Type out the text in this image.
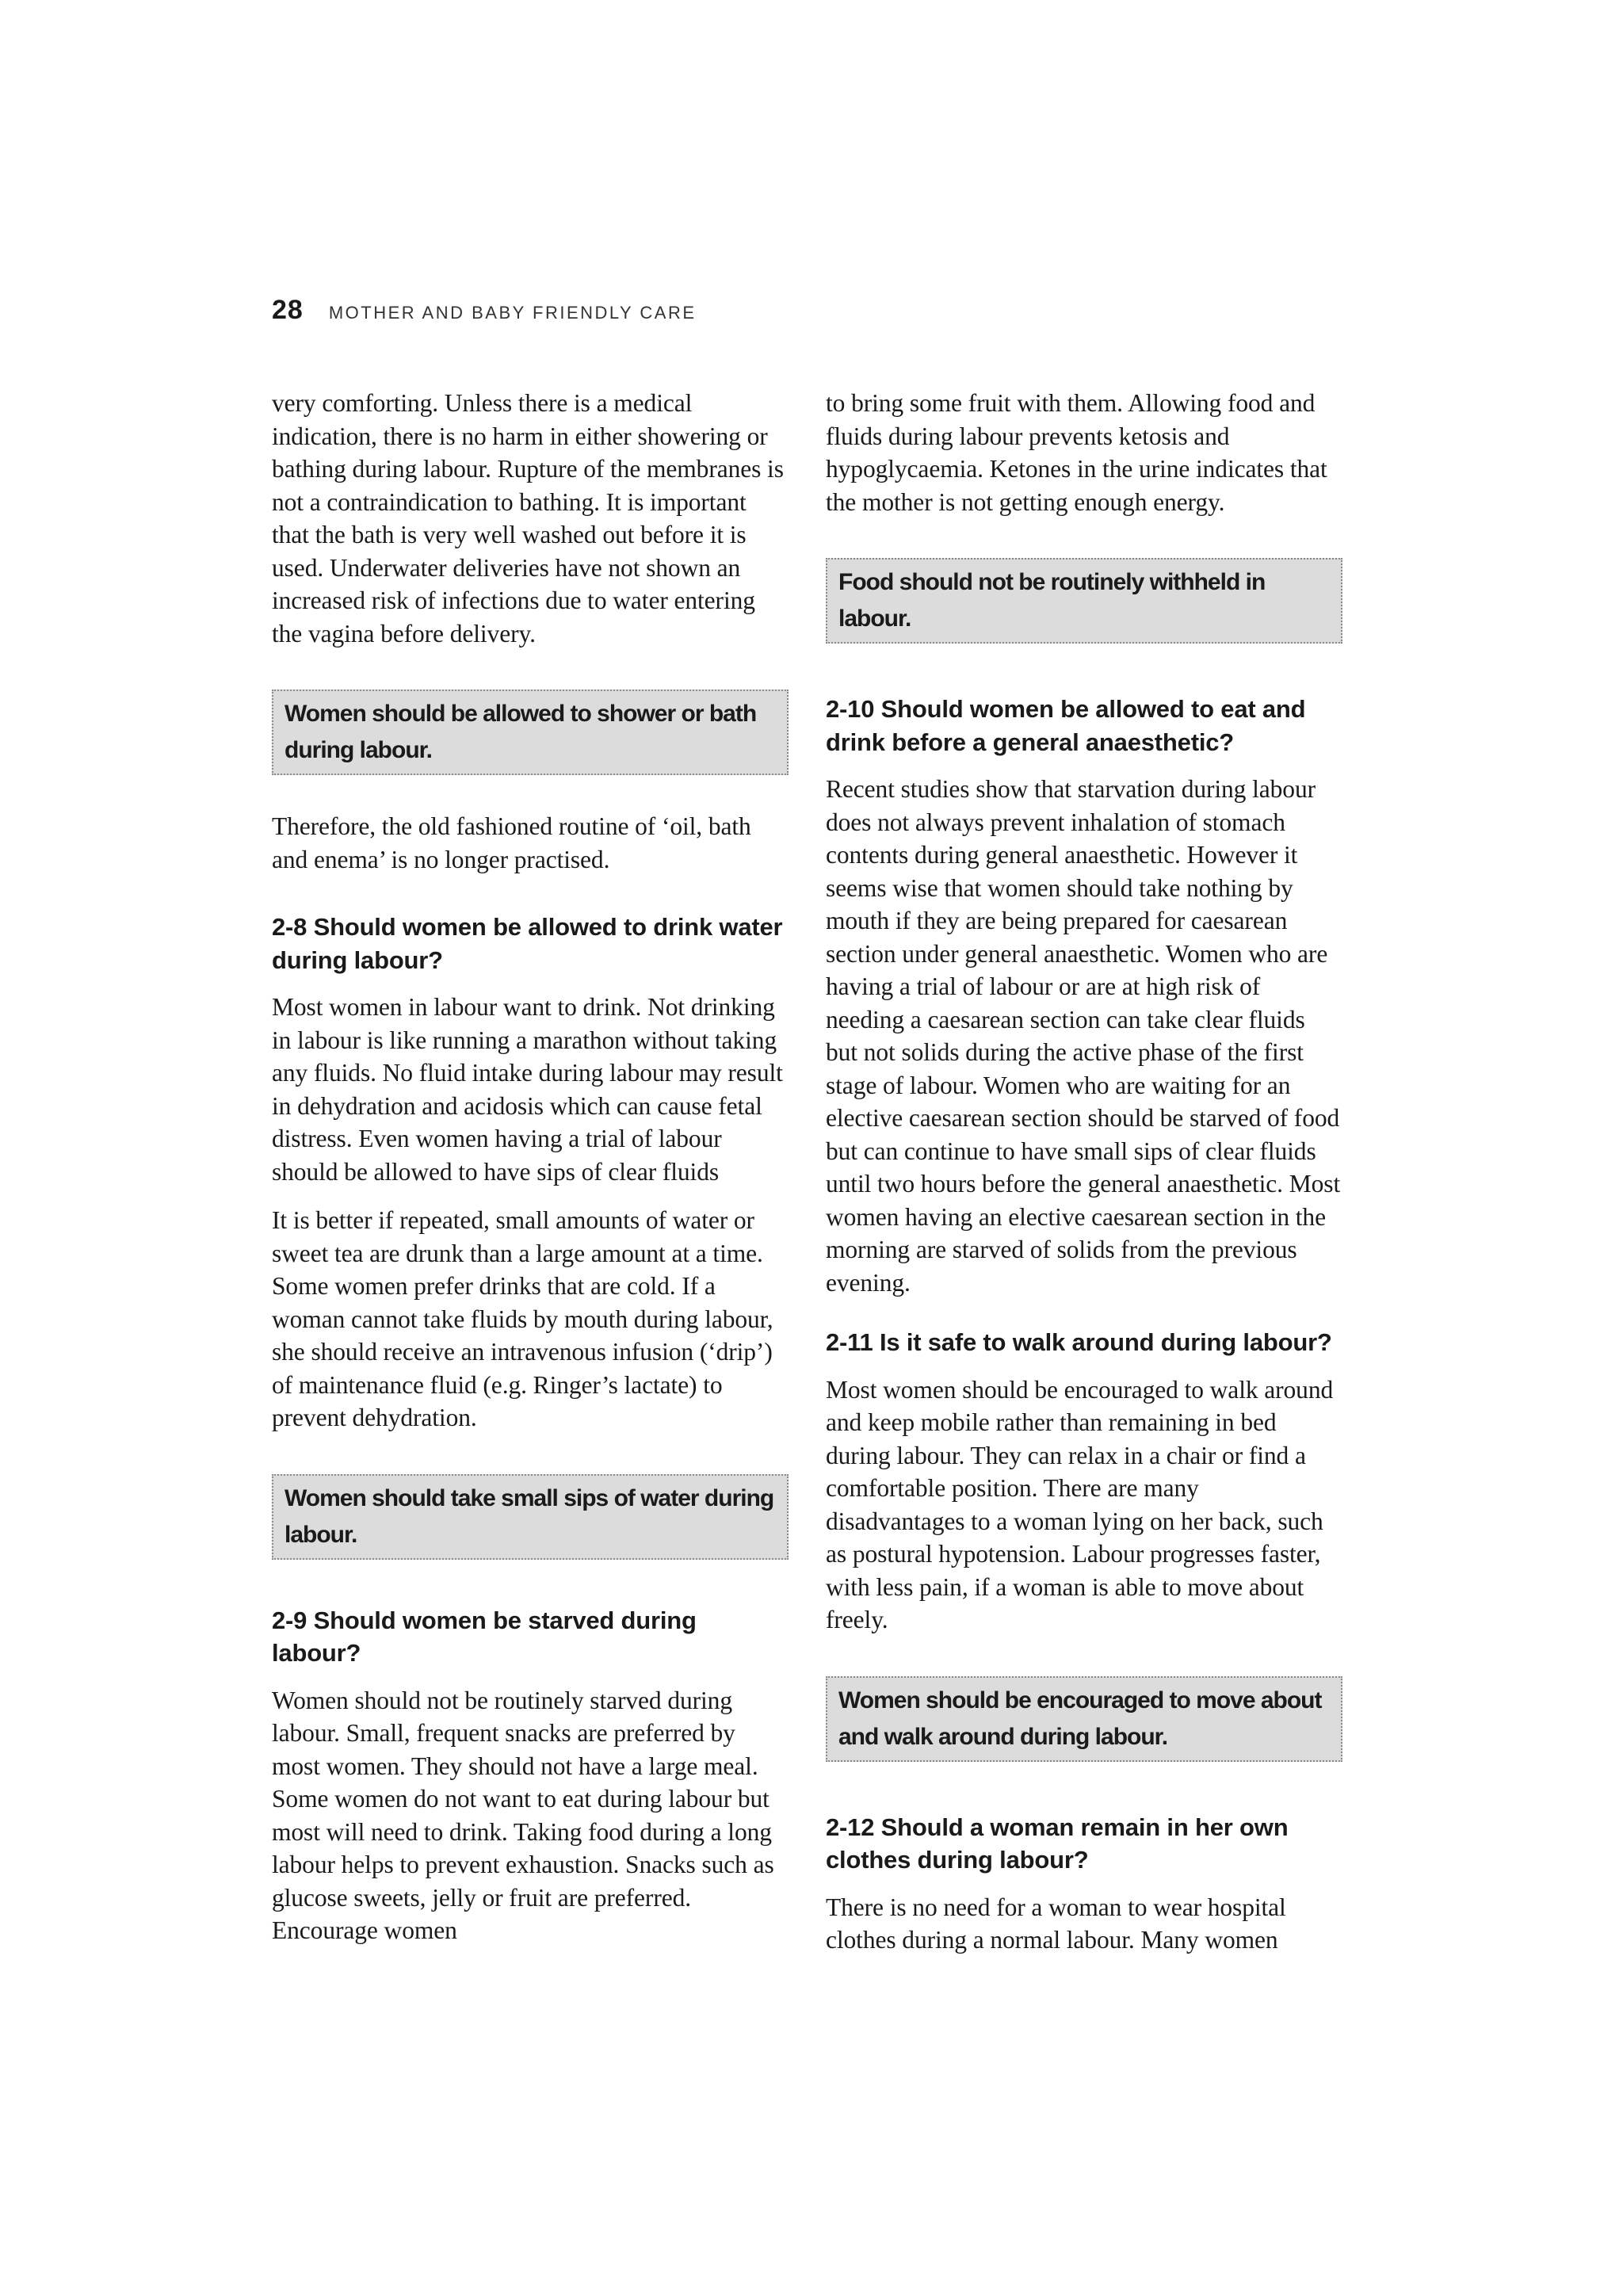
28 MOTHER AND BABY FRIENDLY CARE

very comforting. Unless there is a medical indication, there is no harm in either showering or bathing during labour. Rupture of the membranes is not a contraindication to bathing. It is important that the bath is very well washed out before it is used. Underwater deliveries have not shown an increased risk of infections due to water entering the vagina before delivery.

Women should be allowed to shower or bath during labour.

Therefore, the old fashioned routine of ‘oil, bath and enema’ is no longer practised.

2-8 Should women be allowed to drink water during labour?

Most women in labour want to drink. Not drinking in labour is like running a marathon without taking any fluids. No fluid intake during labour may result in dehydration and acidosis which can cause fetal distress. Even women having a trial of labour should be allowed to have sips of clear fluids

It is better if repeated, small amounts of water or sweet tea are drunk than a large amount at a time. Some women prefer drinks that are cold. If a woman cannot take fluids by mouth during labour, she should receive an intravenous infusion (‘drip’) of maintenance fluid (e.g. Ringer’s lactate) to prevent dehydration.

Women should take small sips of water during labour.
2-9 Should women be starved during labour?

Women should not be routinely starved during labour. Small, frequent snacks are preferred by most women. They should not have a large meal. Some women do not want to eat during labour but most will need to drink. Taking food during a long labour helps to prevent exhaustion. Snacks such as glucose sweets, jelly or fruit are preferred. Encourage women

to bring some fruit with them. Allowing food and fluids during labour prevents ketosis and hypoglycaemia. Ketones in the urine indicates that the mother is not getting enough energy.

Food should not be routinely withheld in labour.
2-10 Should women be allowed to eat and drink before a general anaesthetic?

Recent studies show that starvation during labour does not always prevent inhalation of stomach contents during general anaesthetic. However it seems wise that women should take nothing by mouth if they are being prepared for caesarean section under general anaesthetic. Women who are having a trial of labour or are at high risk of needing a caesarean section can take clear fluids but not solids during the active phase of the first stage of labour. Women who are waiting for an elective caesarean section should be starved of food but can continue to have small sips of clear fluids until two hours before the general anaesthetic. Most women having an elective caesarean section in the morning are starved of solids from the previous evening.

2-11 Is it safe to walk around during labour?

Most women should be encouraged to walk around and keep mobile rather than remaining in bed during labour. They can relax in a chair or find a comfortable position. There are many disadvantages to a woman lying on her back, such as postural hypotension. Labour progresses faster, with less pain, if a woman is able to move about freely.

Women should be encouraged to move about and walk around during labour.
2-12 Should a woman remain in her own clothes during labour?

There is no need for a woman to wear hospital clothes during a normal labour. Many women
